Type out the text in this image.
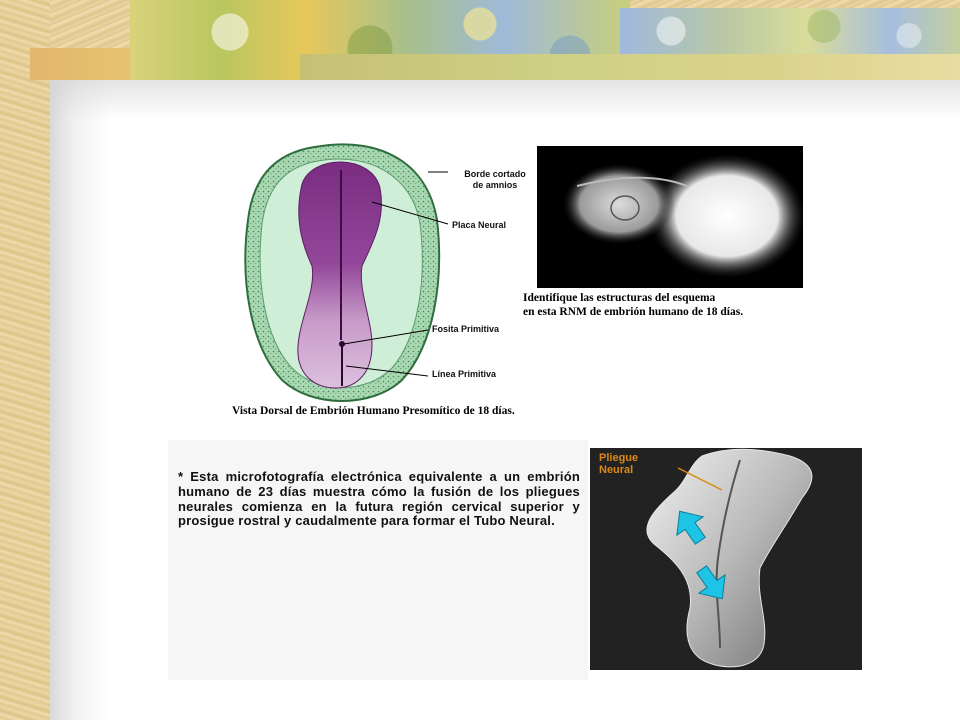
Borde cortado
de amnios
Placa Neural
Fosita Primitiva
Línea Primitiva
Identifique las estructuras del esquema
en esta RNM de embrión humano de 18 días.
Vista Dorsal de Embrión Humano Presomítico de 18 días.
* Esta microfotografía electrónica equivalente a un embrión humano de 23 días muestra cómo la fusión de los pliegues neurales comienza en la futura región cervical superior y prosigue rostral y caudalmente para formar el Tubo Neural.
Pliegue
Neural
